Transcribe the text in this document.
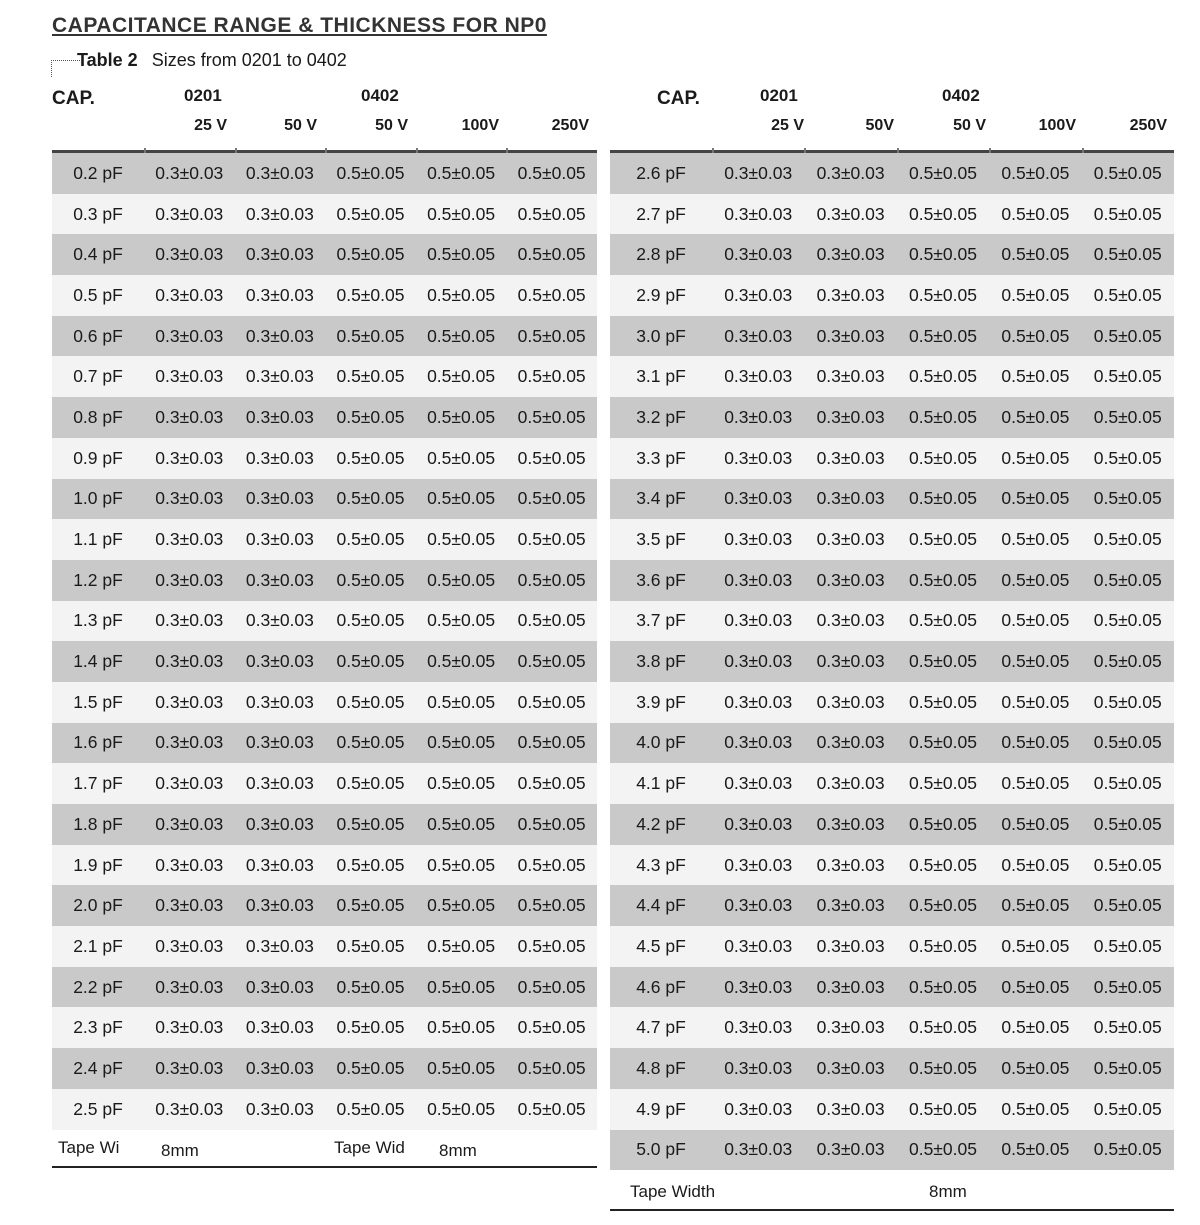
CAPACITANCE RANGE & THICKNESS FOR NP0
Table 2 Sizes from 0201 to 0402
CAP.	0201	0402
25 V	50 V	50 V	100V	250V
CAP.	0201	0402
25 V	50V	50 V	100V	250V
0.2 pF	0.3±0.03	0.3±0.03	0.5±0.05	0.5±0.05	0.5±0.05
0.3 pF	0.3±0.03	0.3±0.03	0.5±0.05	0.5±0.05	0.5±0.05
0.4 pF	0.3±0.03	0.3±0.03	0.5±0.05	0.5±0.05	0.5±0.05
0.5 pF	0.3±0.03	0.3±0.03	0.5±0.05	0.5±0.05	0.5±0.05
0.6 pF	0.3±0.03	0.3±0.03	0.5±0.05	0.5±0.05	0.5±0.05
0.7 pF	0.3±0.03	0.3±0.03	0.5±0.05	0.5±0.05	0.5±0.05
0.8 pF	0.3±0.03	0.3±0.03	0.5±0.05	0.5±0.05	0.5±0.05
0.9 pF	0.3±0.03	0.3±0.03	0.5±0.05	0.5±0.05	0.5±0.05
1.0 pF	0.3±0.03	0.3±0.03	0.5±0.05	0.5±0.05	0.5±0.05
1.1 pF	0.3±0.03	0.3±0.03	0.5±0.05	0.5±0.05	0.5±0.05
1.2 pF	0.3±0.03	0.3±0.03	0.5±0.05	0.5±0.05	0.5±0.05
1.3 pF	0.3±0.03	0.3±0.03	0.5±0.05	0.5±0.05	0.5±0.05
1.4 pF	0.3±0.03	0.3±0.03	0.5±0.05	0.5±0.05	0.5±0.05
1.5 pF	0.3±0.03	0.3±0.03	0.5±0.05	0.5±0.05	0.5±0.05
1.6 pF	0.3±0.03	0.3±0.03	0.5±0.05	0.5±0.05	0.5±0.05
1.7 pF	0.3±0.03	0.3±0.03	0.5±0.05	0.5±0.05	0.5±0.05
1.8 pF	0.3±0.03	0.3±0.03	0.5±0.05	0.5±0.05	0.5±0.05
1.9 pF	0.3±0.03	0.3±0.03	0.5±0.05	0.5±0.05	0.5±0.05
2.0 pF	0.3±0.03	0.3±0.03	0.5±0.05	0.5±0.05	0.5±0.05
2.1 pF	0.3±0.03	0.3±0.03	0.5±0.05	0.5±0.05	0.5±0.05
2.2 pF	0.3±0.03	0.3±0.03	0.5±0.05	0.5±0.05	0.5±0.05
2.3 pF	0.3±0.03	0.3±0.03	0.5±0.05	0.5±0.05	0.5±0.05
2.4 pF	0.3±0.03	0.3±0.03	0.5±0.05	0.5±0.05	0.5±0.05
2.5 pF	0.3±0.03	0.3±0.03	0.5±0.05	0.5±0.05	0.5±0.05
2.6 pF	0.3±0.03	0.3±0.03	0.5±0.05	0.5±0.05	0.5±0.05
2.7 pF	0.3±0.03	0.3±0.03	0.5±0.05	0.5±0.05	0.5±0.05
2.8 pF	0.3±0.03	0.3±0.03	0.5±0.05	0.5±0.05	0.5±0.05
2.9 pF	0.3±0.03	0.3±0.03	0.5±0.05	0.5±0.05	0.5±0.05
3.0 pF	0.3±0.03	0.3±0.03	0.5±0.05	0.5±0.05	0.5±0.05
3.1 pF	0.3±0.03	0.3±0.03	0.5±0.05	0.5±0.05	0.5±0.05
3.2 pF	0.3±0.03	0.3±0.03	0.5±0.05	0.5±0.05	0.5±0.05
3.3 pF	0.3±0.03	0.3±0.03	0.5±0.05	0.5±0.05	0.5±0.05
3.4 pF	0.3±0.03	0.3±0.03	0.5±0.05	0.5±0.05	0.5±0.05
3.5 pF	0.3±0.03	0.3±0.03	0.5±0.05	0.5±0.05	0.5±0.05
3.6 pF	0.3±0.03	0.3±0.03	0.5±0.05	0.5±0.05	0.5±0.05
3.7 pF	0.3±0.03	0.3±0.03	0.5±0.05	0.5±0.05	0.5±0.05
3.8 pF	0.3±0.03	0.3±0.03	0.5±0.05	0.5±0.05	0.5±0.05
3.9 pF	0.3±0.03	0.3±0.03	0.5±0.05	0.5±0.05	0.5±0.05
4.0 pF	0.3±0.03	0.3±0.03	0.5±0.05	0.5±0.05	0.5±0.05
4.1 pF	0.3±0.03	0.3±0.03	0.5±0.05	0.5±0.05	0.5±0.05
4.2 pF	0.3±0.03	0.3±0.03	0.5±0.05	0.5±0.05	0.5±0.05
4.3 pF	0.3±0.03	0.3±0.03	0.5±0.05	0.5±0.05	0.5±0.05
4.4 pF	0.3±0.03	0.3±0.03	0.5±0.05	0.5±0.05	0.5±0.05
4.5 pF	0.3±0.03	0.3±0.03	0.5±0.05	0.5±0.05	0.5±0.05
4.6 pF	0.3±0.03	0.3±0.03	0.5±0.05	0.5±0.05	0.5±0.05
4.7 pF	0.3±0.03	0.3±0.03	0.5±0.05	0.5±0.05	0.5±0.05
4.8 pF	0.3±0.03	0.3±0.03	0.5±0.05	0.5±0.05	0.5±0.05
4.9 pF	0.3±0.03	0.3±0.03	0.5±0.05	0.5±0.05	0.5±0.05
5.0 pF	0.3±0.03	0.3±0.03	0.5±0.05	0.5±0.05	0.5±0.05
Tape Wi 8mm	Tape Wid 8mm
Tape Width	8mm
